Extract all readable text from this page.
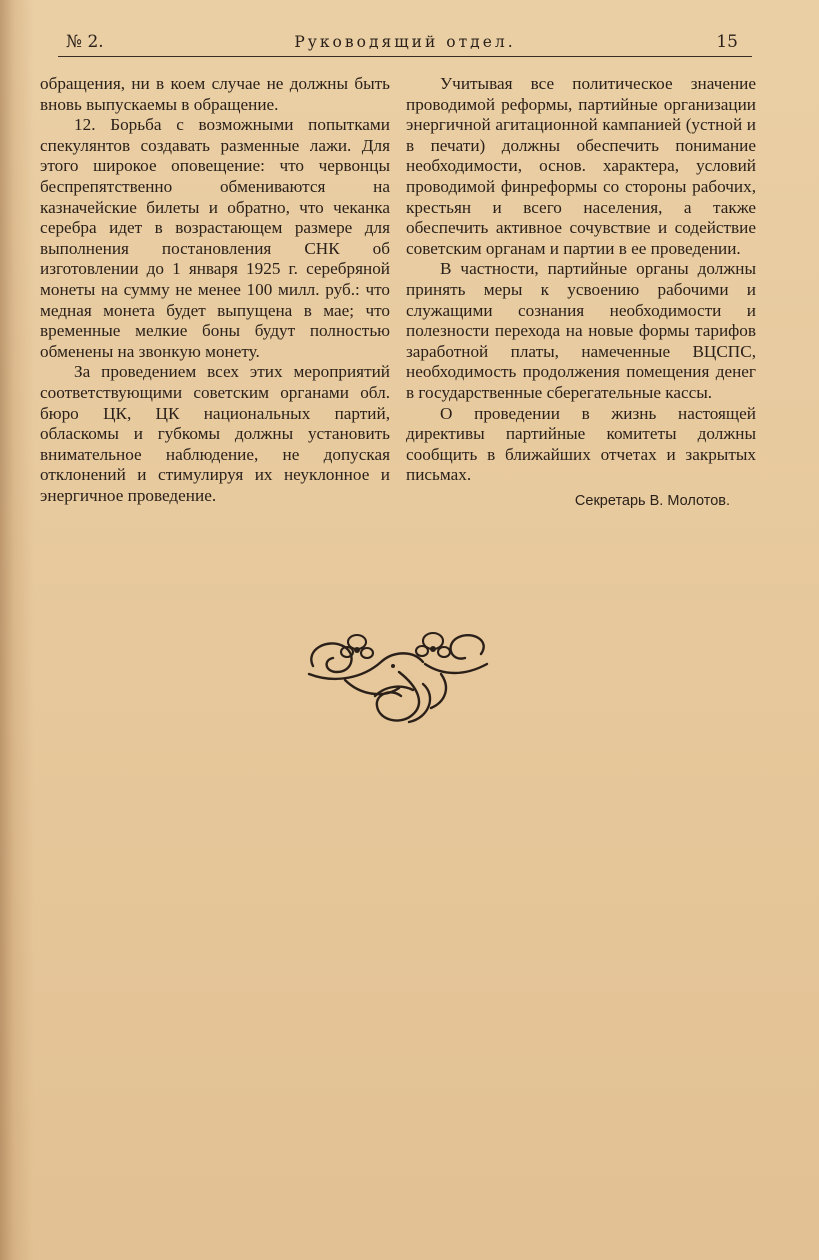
№ 2.	Руководящий отдел.	15

обращения, ни в коем случае не должны быть вновь выпускаемы в обращение.

12. Борьба с возможными попытками спекулянтов создавать разменные лажи. Для этого широкое оповещение: что червонцы беспрепятственно обмениваются на казначейские билеты и обратно, что чеканка серебра идет в возрастающем размере для выполнения постановления СНК об изготовлении до 1 января 1925 г. серебряной монеты на сумму не менее 100 милл. руб.: что медная монета будет выпущена в мае; что временные мелкие боны будут полностью обменены на звонкую монету.

За проведением всех этих мероприятий соответствующими советским органами обл. бюро ЦК, ЦК национальных партий, обласкомы и губкомы должны установить внимательное наблюдение, не допуская отклонений и стимулируя их неуклонное и энергичное проведение.

Учитывая все политическое значение проводимой реформы, партийные организации энергичной агитационной кампанией (устной и в печати) должны обеспечить понимание необходимости, основ. характера, условий проводимой финреформы со стороны рабочих, крестьян и всего населения, а также обеспечить активное сочувствие и содействие советским органам и партии в ее проведении.

В частности, партийные органы должны принять меры к усвоению рабочими и служащими сознания необходимости и полезности перехода на новые формы тарифов заработной платы, намеченные ВЦСПС, необходимость продолжения помещения денег в государственные сберегательные кассы.

О проведении в жизнь настоящей директивы партийные комитеты должны сообщить в ближайших отчетах и закрытых письмах.

Секретарь В. Молотов.
